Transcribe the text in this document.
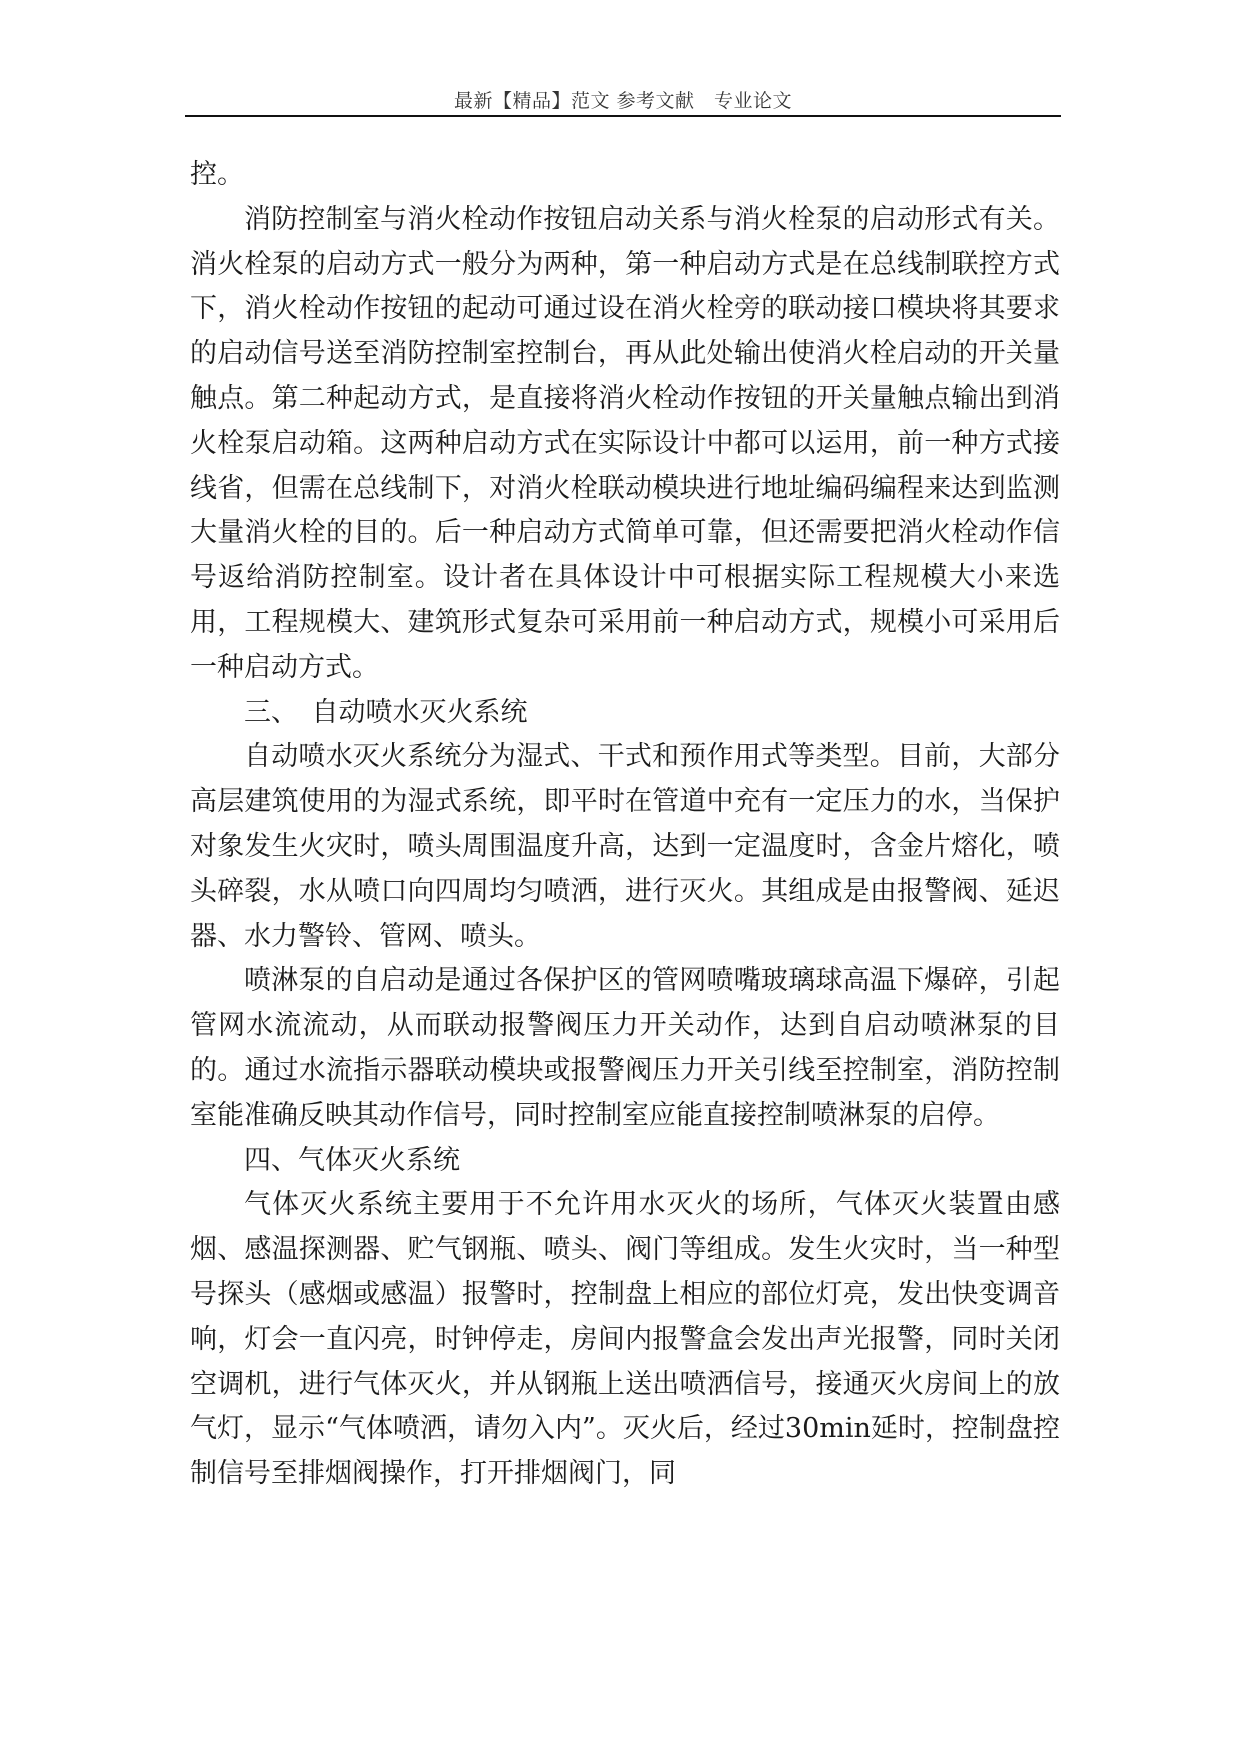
最新【精品】范文 参考文献　专业论文

控。

消防控制室与消火栓动作按钮启动关系与消火栓泵的启动形式有关。消火栓泵的启动方式一般分为两种，第一种启动方式是在总线制联控方式下，消火栓动作按钮的起动可通过设在消火栓旁的联动接口模块将其要求的启动信号送至消防控制室控制台，再从此处输出使消火栓启动的开关量触点。第二种起动方式，是直接将消火栓动作按钮的开关量触点输出到消火栓泵启动箱。这两种启动方式在实际设计中都可以运用，前一种方式接线省，但需在总线制下，对消火栓联动模块进行地址编码编程来达到监测大量消火栓的目的。后一种启动方式简单可靠，但还需要把消火栓动作信号返给消防控制室。设计者在具体设计中可根据实际工程规模大小来选用，工程规模大、建筑形式复杂可采用前一种启动方式，规模小可采用后一种启动方式。

三、　自动喷水灭火系统

自动喷水灭火系统分为湿式、干式和预作用式等类型。目前，大部分高层建筑使用的为湿式系统，即平时在管道中充有一定压力的水，当保护对象发生火灾时，喷头周围温度升高，达到一定温度时，含金片熔化，喷头碎裂，水从喷口向四周均匀喷洒，进行灭火。其组成是由报警阀、延迟器、水力警铃、管网、喷头。

喷淋泵的自启动是通过各保护区的管网喷嘴玻璃球高温下爆碎，引起管网水流流动，从而联动报警阀压力开关动作，达到自启动喷淋泵的目的。通过水流指示器联动模块或报警阀压力开关引线至控制室，消防控制室能准确反映其动作信号，同时控制室应能直接控制喷淋泵的启停。

四、气体灭火系统

气体灭火系统主要用于不允许用水灭火的场所，气体灭火装置由感烟、感温探测器、贮气钢瓶、喷头、阀门等组成。发生火灾时，当一种型号探头（感烟或感温）报警时，控制盘上相应的部位灯亮，发出快变调音响，灯会一直闪亮，时钟停走，房间内报警盒会发出声光报警，同时关闭空调机，进行气体灭火，并从钢瓶上送出喷洒信号，接通灭火房间上的放气灯，显示“气体喷洒，请勿入内”。灭火后，经过30min延时，控制盘控制信号至排烟阀操作，打开排烟阀门，同
